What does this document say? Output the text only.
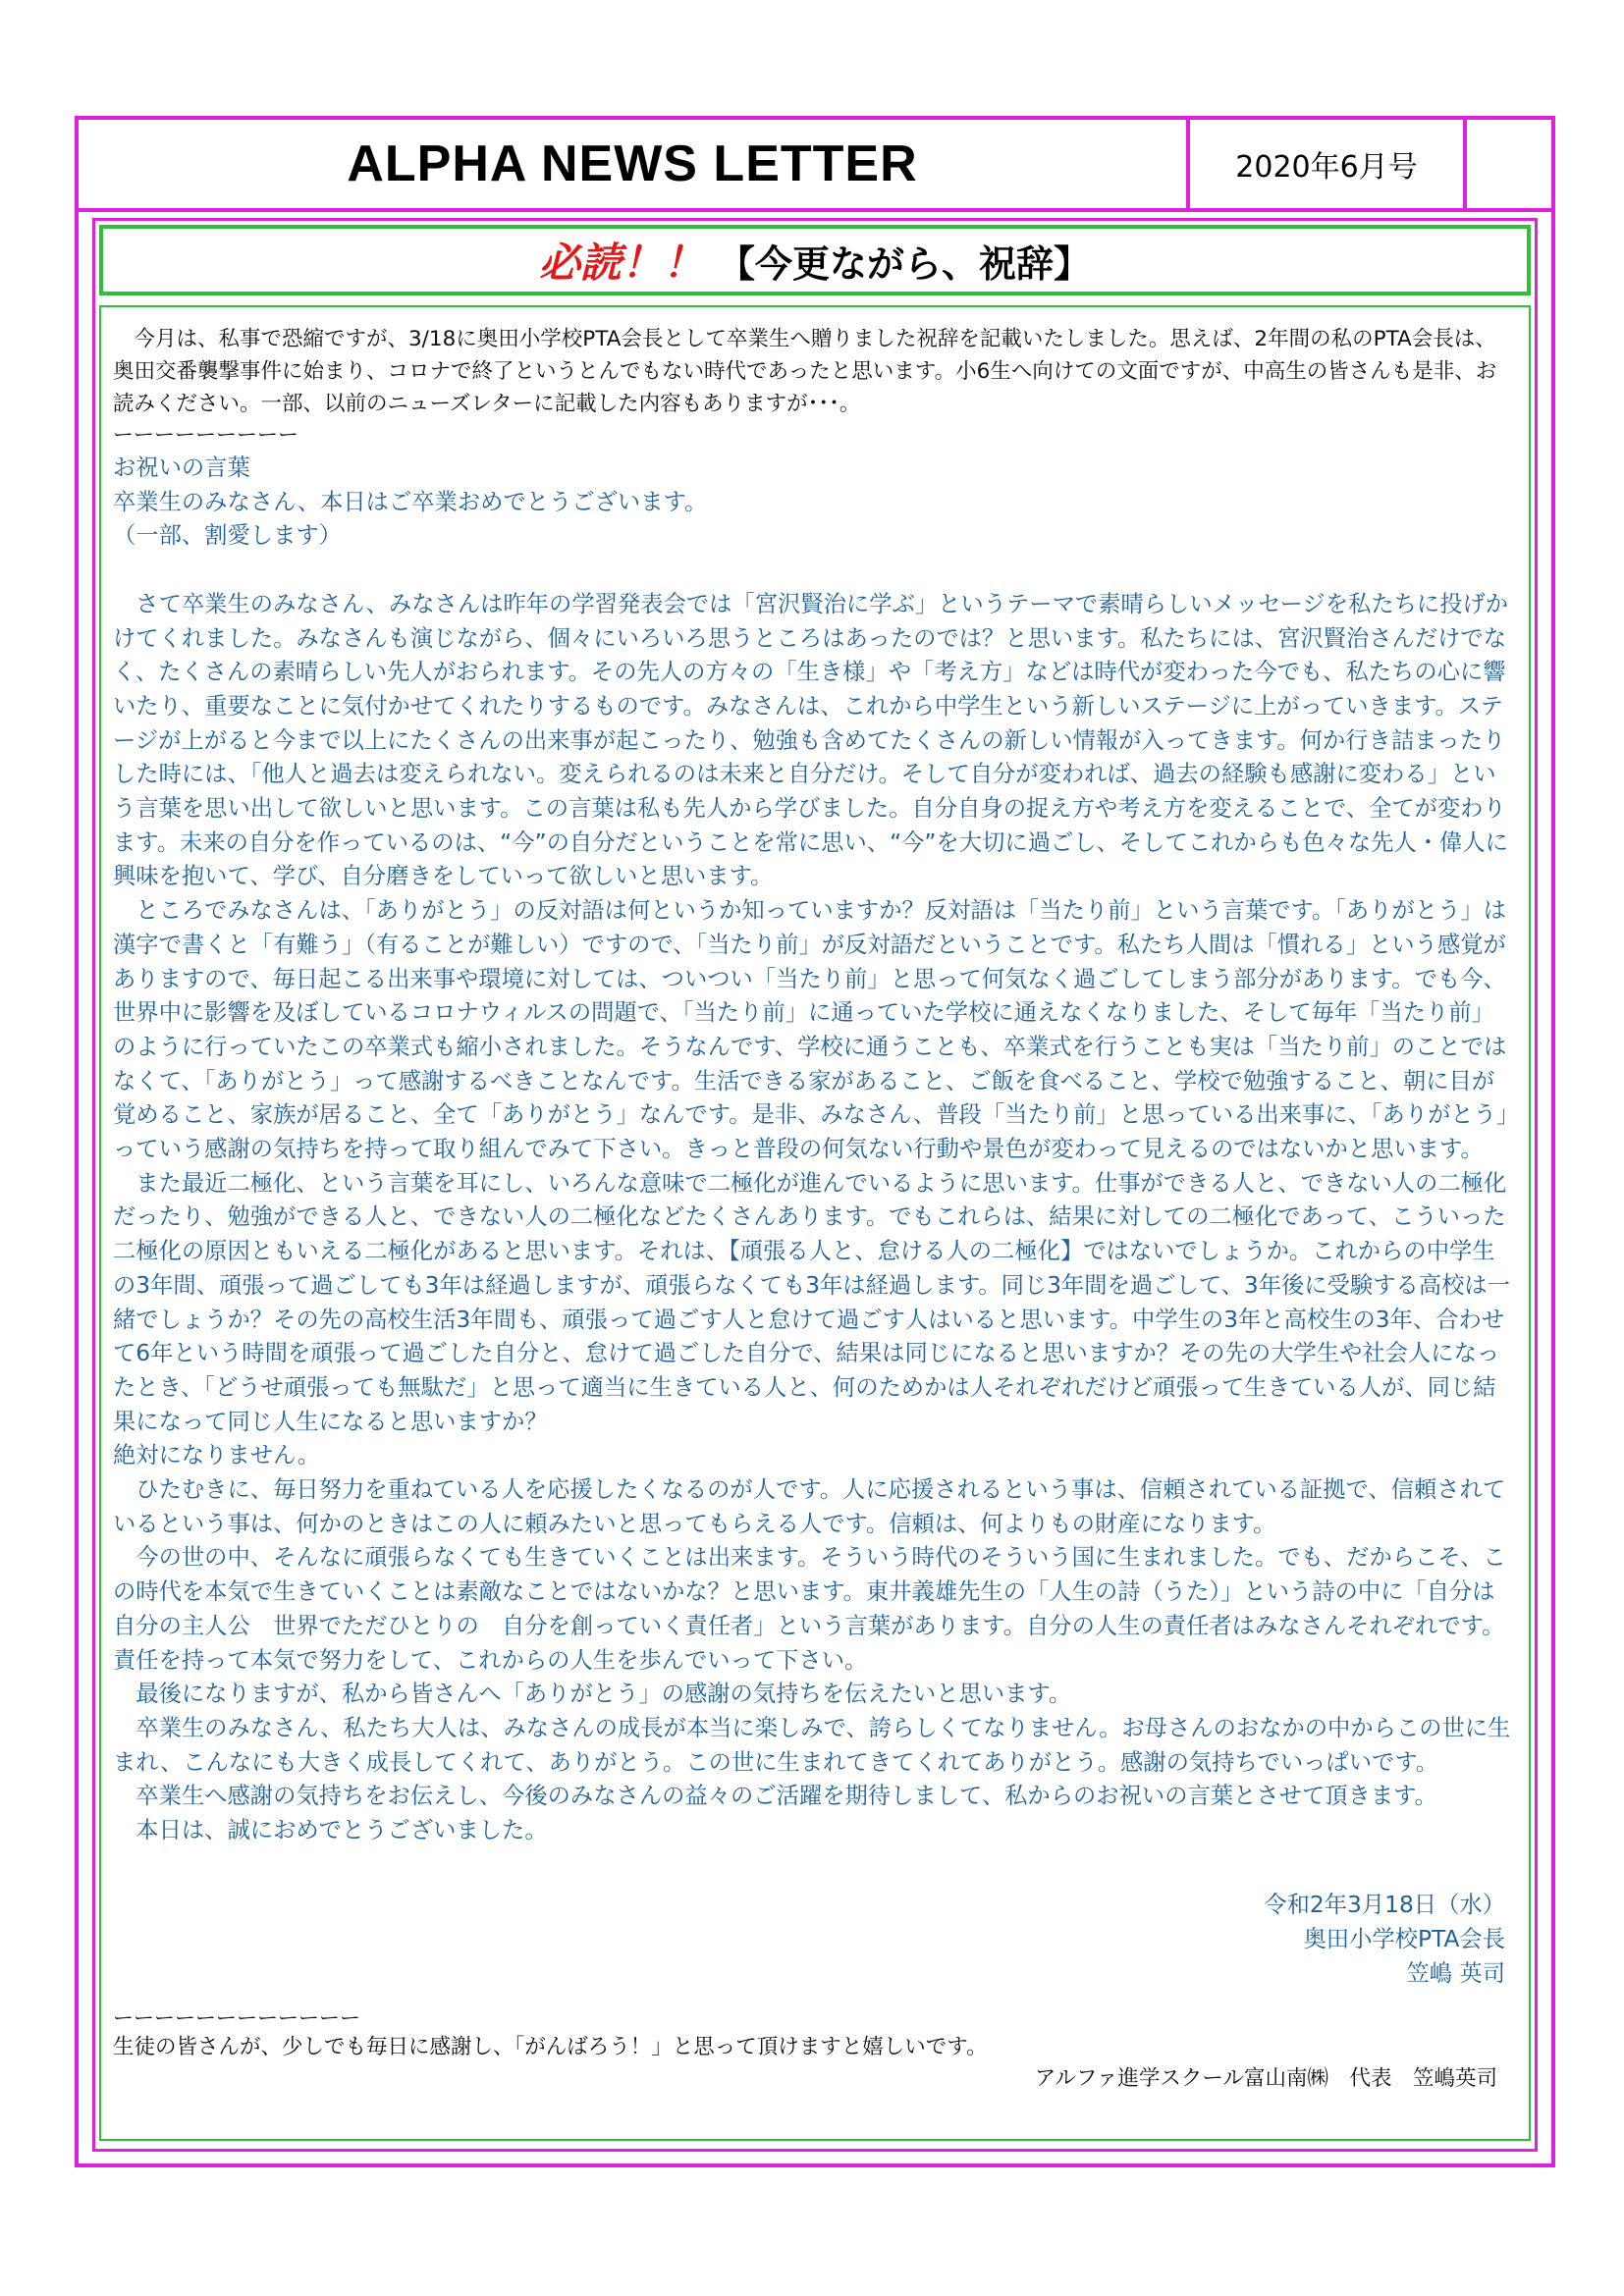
ALPHA NEWS LETTER	2020年6月号
必読！！ 【今更ながら、祝辞】

今月は、私事で恐縮ですが、3/18に奥田小学校PTA会長として卒業生へ贈りました祝辞を記載いたしました。思えば、2年間の私のPTA会長は、奥田交番襲撃事件に始まり、コロナで終了というとんでもない時代であったと思います。小6生へ向けての文面ですが、中高生の皆さんも是非、お読みください。一部、以前のニューズレターに記載した内容もありますが･･･。

ーーーーーーーーー

お祝いの言葉

卒業生のみなさん、本日はご卒業おめでとうございます。

（一部、割愛します）

さて卒業生のみなさん、みなさんは昨年の学習発表会では「宮沢賢治に学ぶ」というテーマで素晴らしいメッセージを私たちに投げかけてくれました。みなさんも演じながら、個々にいろいろ思うところはあったのでは？と思います。私たちには、宮沢賢治さんだけでなく、たくさんの素晴らしい先人がおられます。その先人の方々の「生き様」や「考え方」などは時代が変わった今でも、私たちの心に響いたり、重要なことに気付かせてくれたりするものです。みなさんは、これから中学生という新しいステージに上がっていきます。ステージが上がると今まで以上にたくさんの出来事が起こったり、勉強も含めてたくさんの新しい情報が入ってきます。何か行き詰まったりした時には、「他人と過去は変えられない。変えられるのは未来と自分だけ。そして自分が変われば、過去の経験も感謝に変わる」という言葉を思い出して欲しいと思います。この言葉は私も先人から学びました。自分自身の捉え方や考え方を変えることで、全てが変わります。未来の自分を作っているのは、“今”の自分だということを常に思い、“今”を大切に過ごし、そしてこれからも色々な先人・偉人に興味を抱いて、学び、自分磨きをしていって欲しいと思います。

ところでみなさんは、「ありがとう」の反対語は何というか知っていますか？反対語は「当たり前」という言葉です。「ありがとう」は漢字で書くと「有難う」（有ることが難しい）ですので、「当たり前」が反対語だということです。私たち人間は「慣れる」という感覚がありますので、毎日起こる出来事や環境に対しては、ついつい「当たり前」と思って何気なく過ごしてしまう部分があります。でも今、世界中に影響を及ぼしているコロナウィルスの問題で、「当たり前」に通っていた学校に通えなくなりました、そして毎年「当たり前」のように行っていたこの卒業式も縮小されました。そうなんです、学校に通うことも、卒業式を行うことも実は「当たり前」のことではなくて、「ありがとう」って感謝するべきことなんです。生活できる家があること、ご飯を食べること、学校で勉強すること、朝に目が覚めること、家族が居ること、全て「ありがとう」なんです。是非、みなさん、普段「当たり前」と思っている出来事に、「ありがとう」っていう感謝の気持ちを持って取り組んでみて下さい。きっと普段の何気ない行動や景色が変わって見えるのではないかと思います。

また最近二極化、という言葉を耳にし、いろんな意味で二極化が進んでいるように思います。仕事ができる人と、できない人の二極化だったり、勉強ができる人と、できない人の二極化などたくさんあります。でもこれらは、結果に対しての二極化であって、こういった二極化の原因ともいえる二極化があると思います。それは、【頑張る人と、怠ける人の二極化】ではないでしょうか。これからの中学生の3年間、頑張って過ごしても3年は経過しますが、頑張らなくても3年は経過します。同じ3年間を過ごして、3年後に受験する高校は一緒でしょうか？その先の高校生活3年間も、頑張って過ごす人と怠けて過ごす人はいると思います。中学生の3年と高校生の3年、合わせて6年という時間を頑張って過ごした自分と、怠けて過ごした自分で、結果は同じになると思いますか？その先の大学生や社会人になったとき、「どうせ頑張っても無駄だ」と思って適当に生きている人と、何のためかは人それぞれだけど頑張って生きている人が、同じ結果になって同じ人生になると思いますか？

絶対になりません。

ひたむきに、毎日努力を重ねている人を応援したくなるのが人です。人に応援されるという事は、信頼されている証拠で、信頼されているという事は、何かのときはこの人に頼みたいと思ってもらえる人です。信頼は、何よりもの財産になります。

今の世の中、そんなに頑張らなくても生きていくことは出来ます。そういう時代のそういう国に生まれました。でも、だからこそ、この時代を本気で生きていくことは素敵なことではないかな？と思います。東井義雄先生の「人生の詩（うた）」という詩の中に「自分は 自分の主人公　世界でただひとりの　自分を創っていく責任者」という言葉があります。自分の人生の責任者はみなさんそれぞれです。責任を持って本気で努力をして、これからの人生を歩んでいって下さい。

最後になりますが、私から皆さんへ「ありがとう」の感謝の気持ちを伝えたいと思います。

卒業生のみなさん、私たち大人は、みなさんの成長が本当に楽しみで、誇らしくてなりません。お母さんのおなかの中からこの世に生まれ、こんなにも大きく成長してくれて、ありがとう。この世に生まれてきてくれてありがとう。感謝の気持ちでいっぱいです。

卒業生へ感謝の気持ちをお伝えし、今後のみなさんの益々のご活躍を期待しまして、私からのお祝いの言葉とさせて頂きます。

本日は、誠におめでとうございました。

令和2年3月18日（水）
奥田小学校PTA会長
笠嶋 英司
ーーーーーーーーーーーー
生徒の皆さんが、少しでも毎日に感謝し、「がんばろう！」と思って頂けますと嬉しいです。
アルファ進学スクール富山南㈱　代表　笠嶋英司
